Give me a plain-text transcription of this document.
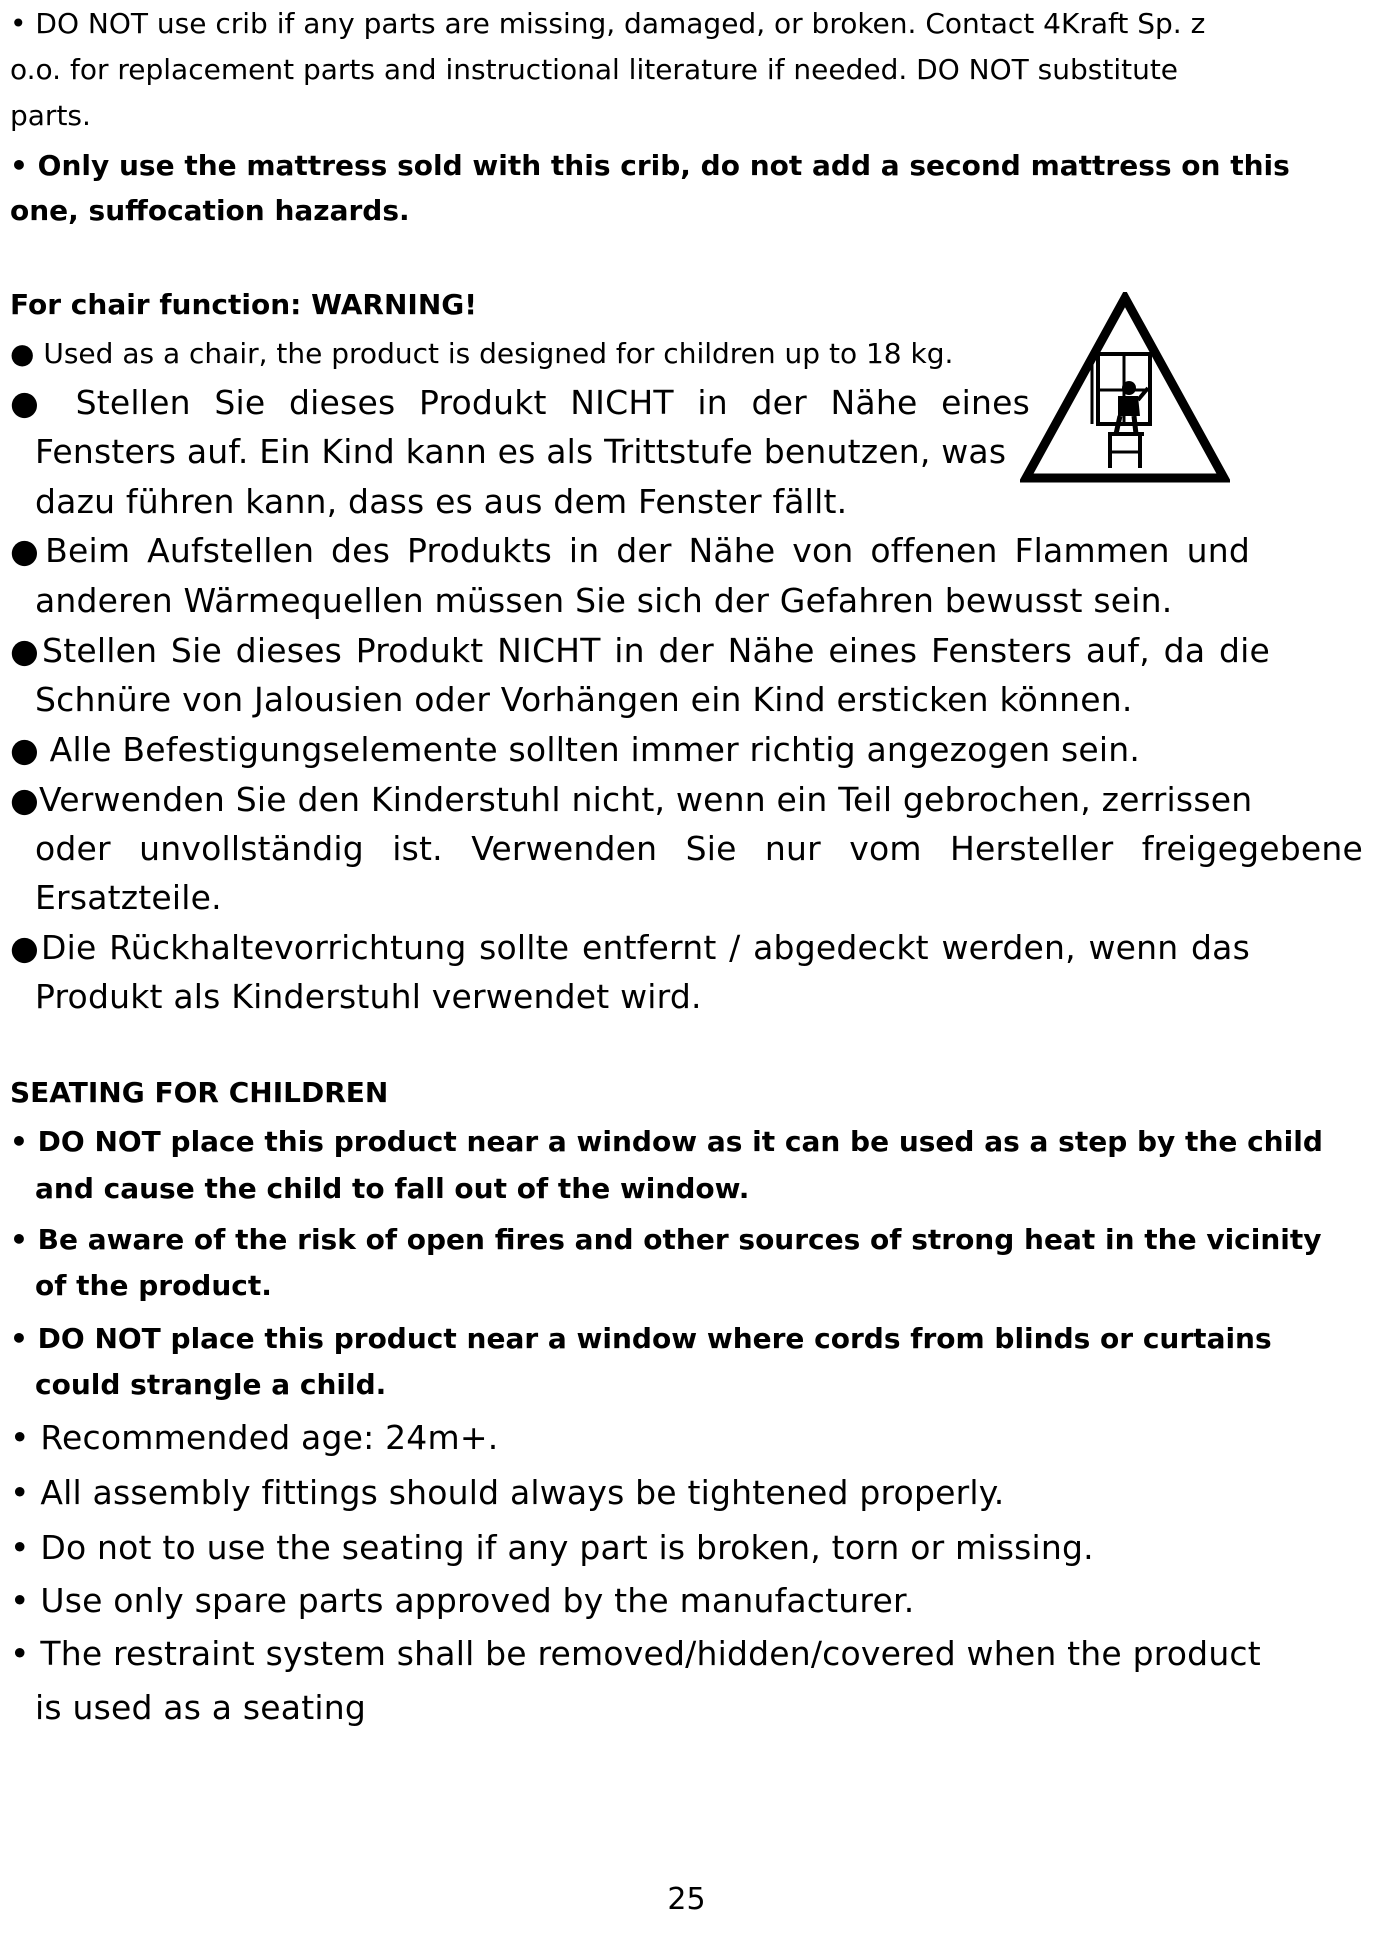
• DO NOT use crib if any parts are missing, damaged, or broken. Contact 4Kraft Sp. z
o.o. for replacement parts and instructional literature if needed. DO NOT substitute
parts.
• Only use the mattress sold with this crib, do not add a second mattress on this
one, suffocation hazards.
For chair function: WARNING!
● Used as a chair, the product is designed for children up to 18 kg.
● Stellen Sie dieses Produkt NICHT in der Nähe eines
Fensters auf. Ein Kind kann es als Trittstufe benutzen, was
dazu führen kann, dass es aus dem Fenster fällt.
●Beim Aufstellen des Produkts in der Nähe von offenen Flammen und
anderen Wärmequellen müssen Sie sich der Gefahren bewusst sein.
●Stellen Sie dieses Produkt NICHT in der Nähe eines Fensters auf, da die
Schnüre von Jalousien oder Vorhängen ein Kind ersticken können.
● Alle Befestigungselemente sollten immer richtig angezogen sein.
●Verwenden Sie den Kinderstuhl nicht, wenn ein Teil gebrochen, zerrissen
oder unvollständig ist. Verwenden Sie nur vom Hersteller freigegebene
Ersatzteile.
●Die Rückhaltevorrichtung sollte entfernt / abgedeckt werden, wenn das
Produkt als Kinderstuhl verwendet wird.
SEATING FOR CHILDREN
• DO NOT place this product near a window as it can be used as a step by the child
and cause the child to fall out of the window.
• Be aware of the risk of open fires and other sources of strong heat in the vicinity
of the product.
• DO NOT place this product near a window where cords from blinds or curtains
could strangle a child.
• Recommended age: 24m+.
• All assembly fittings should always be tightened properly.
• Do not to use the seating if any part is broken, torn or missing.
• Use only spare parts approved by the manufacturer.
• The restraint system shall be removed/hidden/covered when the product
is used as a seating
25
